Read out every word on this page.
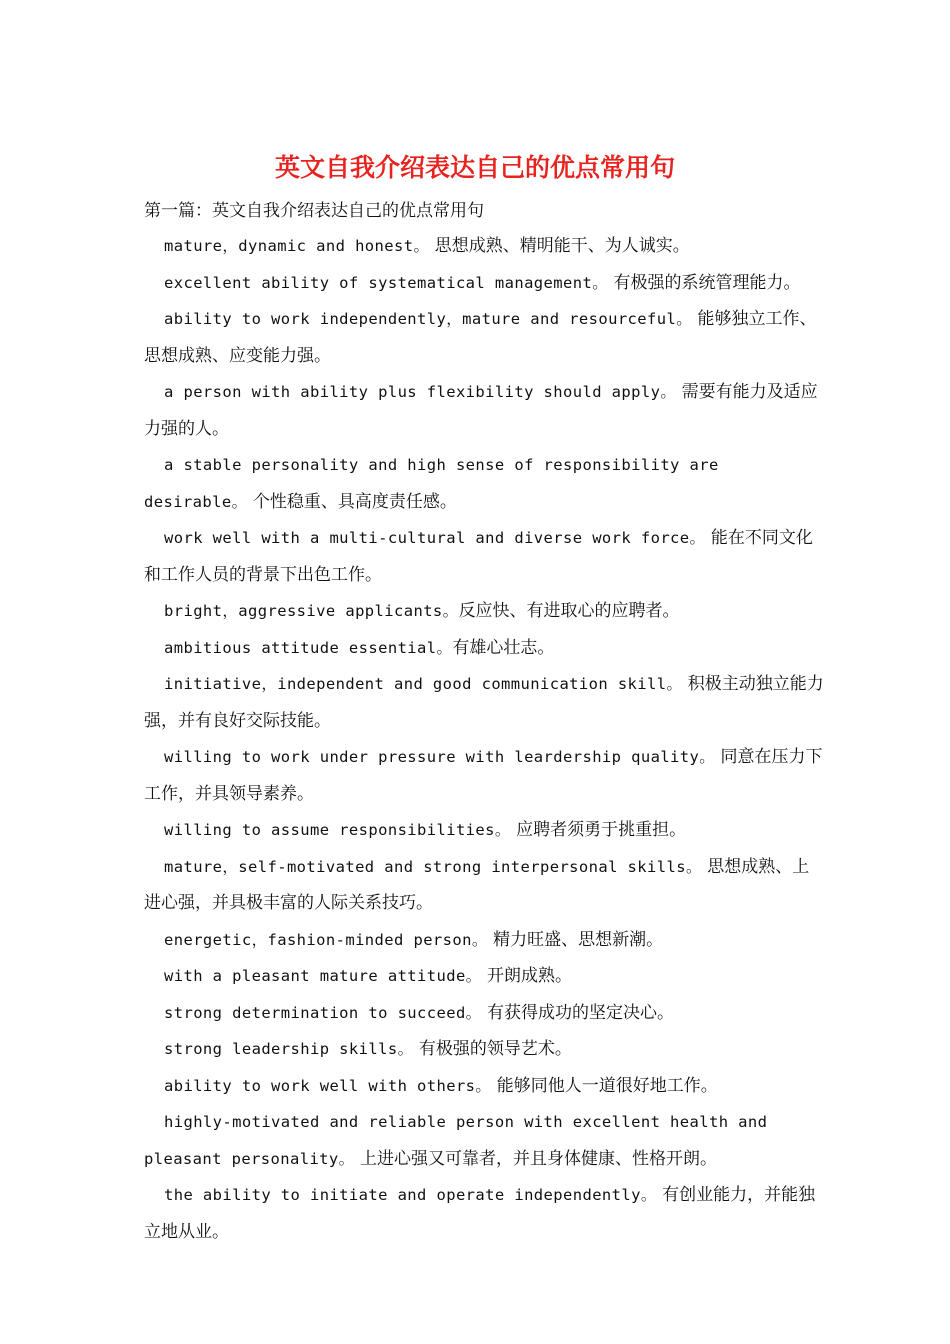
英文自我介绍表达自己的优点常用句

第一篇：英文自我介绍表达自己的优点常用句

mature，dynamic and honest。 思想成熟、精明能干、为人诚实。

excellent ability of systematical management。 有极强的系统管理能力。

ability to work independently，mature and resourceful。 能够独立工作、思想成熟、应变能力强。

a person with ability plus flexibility should apply。 需要有能力及适应力强的人。

a stable personality and high sense of responsibility are desirable。 个性稳重、具高度责任感。

work well with a multi-cultural and diverse work force。 能在不同文化和工作人员的背景下出色工作。

bright，aggressive applicants。反应快、有进取心的应聘者。

ambitious attitude essential。有雄心壮志。

initiative，independent and good communication skill。 积极主动独立能力强，并有良好交际技能。

willing to work under pressure with leardership quality。 同意在压力下工作，并具领导素养。

willing to assume responsibilities。 应聘者须勇于挑重担。

mature，self-motivated and strong interpersonal skills。 思想成熟、上进心强，并具极丰富的人际关系技巧。

energetic，fashion-minded person。 精力旺盛、思想新潮。

with a pleasant mature attitude。 开朗成熟。

strong determination to succeed。 有获得成功的坚定决心。

strong leadership skills。 有极强的领导艺术。

ability to work well with others。 能够同他人一道很好地工作。

highly-motivated and reliable person with excellent health and pleasant personality。 上进心强又可靠者，并且身体健康、性格开朗。

the ability to initiate and operate independently。 有创业能力，并能独立地从业。
